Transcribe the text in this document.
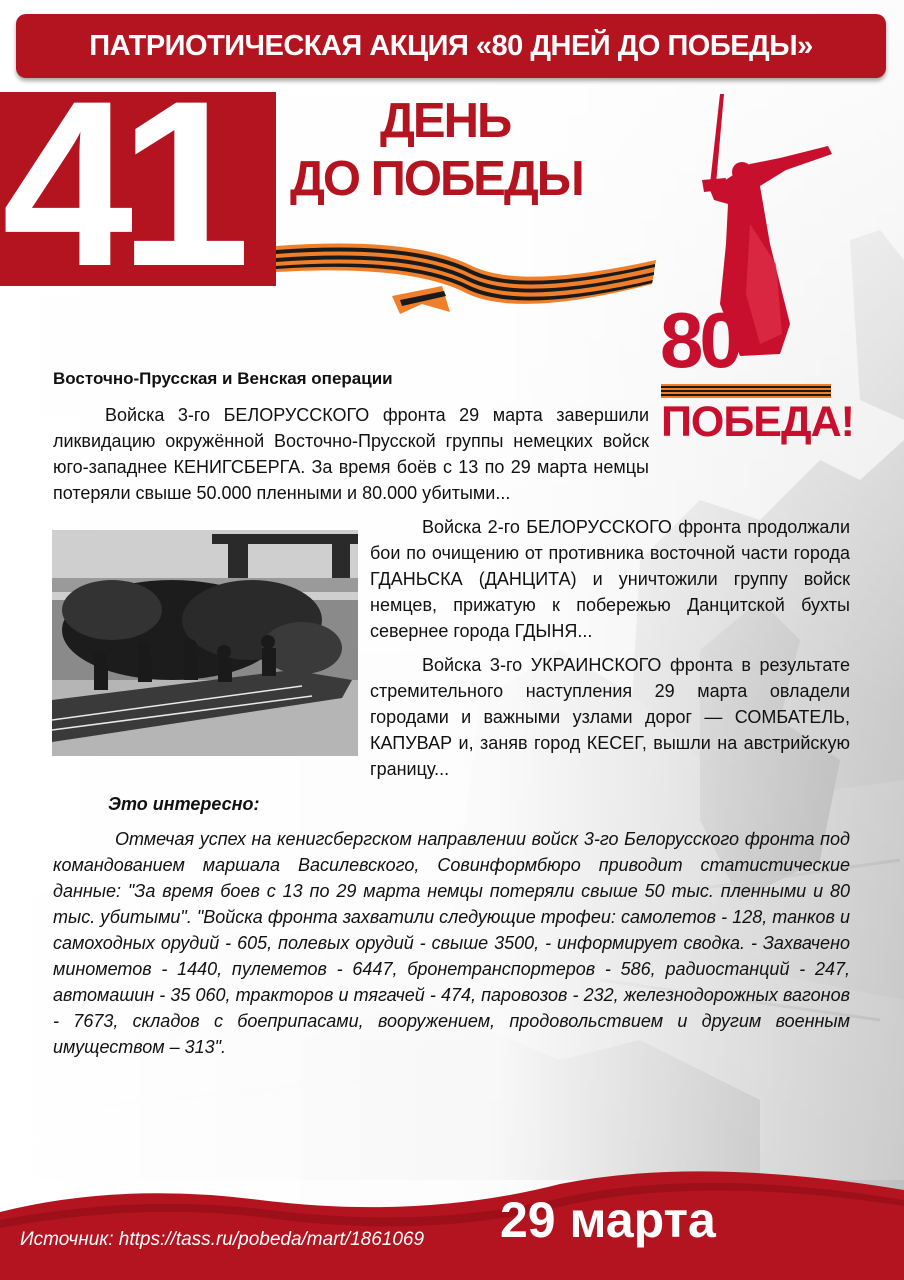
ПАТРИОТИЧЕСКАЯ АКЦИЯ «80 ДНЕЙ ДО ПОБЕДЫ»
41	ДЕНЬ
ДО ПОБЕДЫ
80
ПОБЕДА!
Восточно-Прусская и Венская операции
Войска 3-го БЕЛОРУССКОГО фронта 29 марта завершили ликвидацию окружённой Восточно-Прусской группы немецких войск юго-западнее КЕНИГСБЕРГА. За время боёв с 13 по 29 марта немцы потеряли свыше 50.000 пленными и 80.000 убитыми...
Войска 2-го БЕЛОРУССКОГО фронта продолжали бои по очищению от противника восточной части города ГДАНЬСКА (ДАНЦИТА) и уничтожили группу войск немцев, прижатую к побережью Данцитской бухты севернее города ГДЫНЯ...
Войска 3-го УКРАИНСКОГО фронта в результате стремительного наступления 29 марта овладели городами и важными узлами дорог — СОМБАТЕЛЬ, КАПУВАР и, заняв город КЕСЕГ, вышли на австрийскую границу...
Это интересно:
Отмечая успех на кенигсбергском направлении войск 3-го Белорусского фронта под командованием маршала Василевского, Совинформбюро приводит статистические данные: "За время боев с 13 по 29 марта немцы потеряли свыше 50 тыс. пленными и 80 тыс. убитыми". "Войска фронта захватили следующие трофеи: самолетов - 128, танков и самоходных орудий - 605, полевых орудий - свыше 3500, - информирует сводка. - Захвачено минометов - 1440, пулеметов - 6447, бронетранспортеров - 586, радиостанций - 247, автомашин - 35 060, тракторов и тягачей - 474, паровозов - 232, железнодорожных вагонов - 7673, складов с боеприпасами, вооружением, продовольствием и другим военным имуществом – 313".
29 марта
Источник: https://tass.ru/pobeda/mart/1861069
